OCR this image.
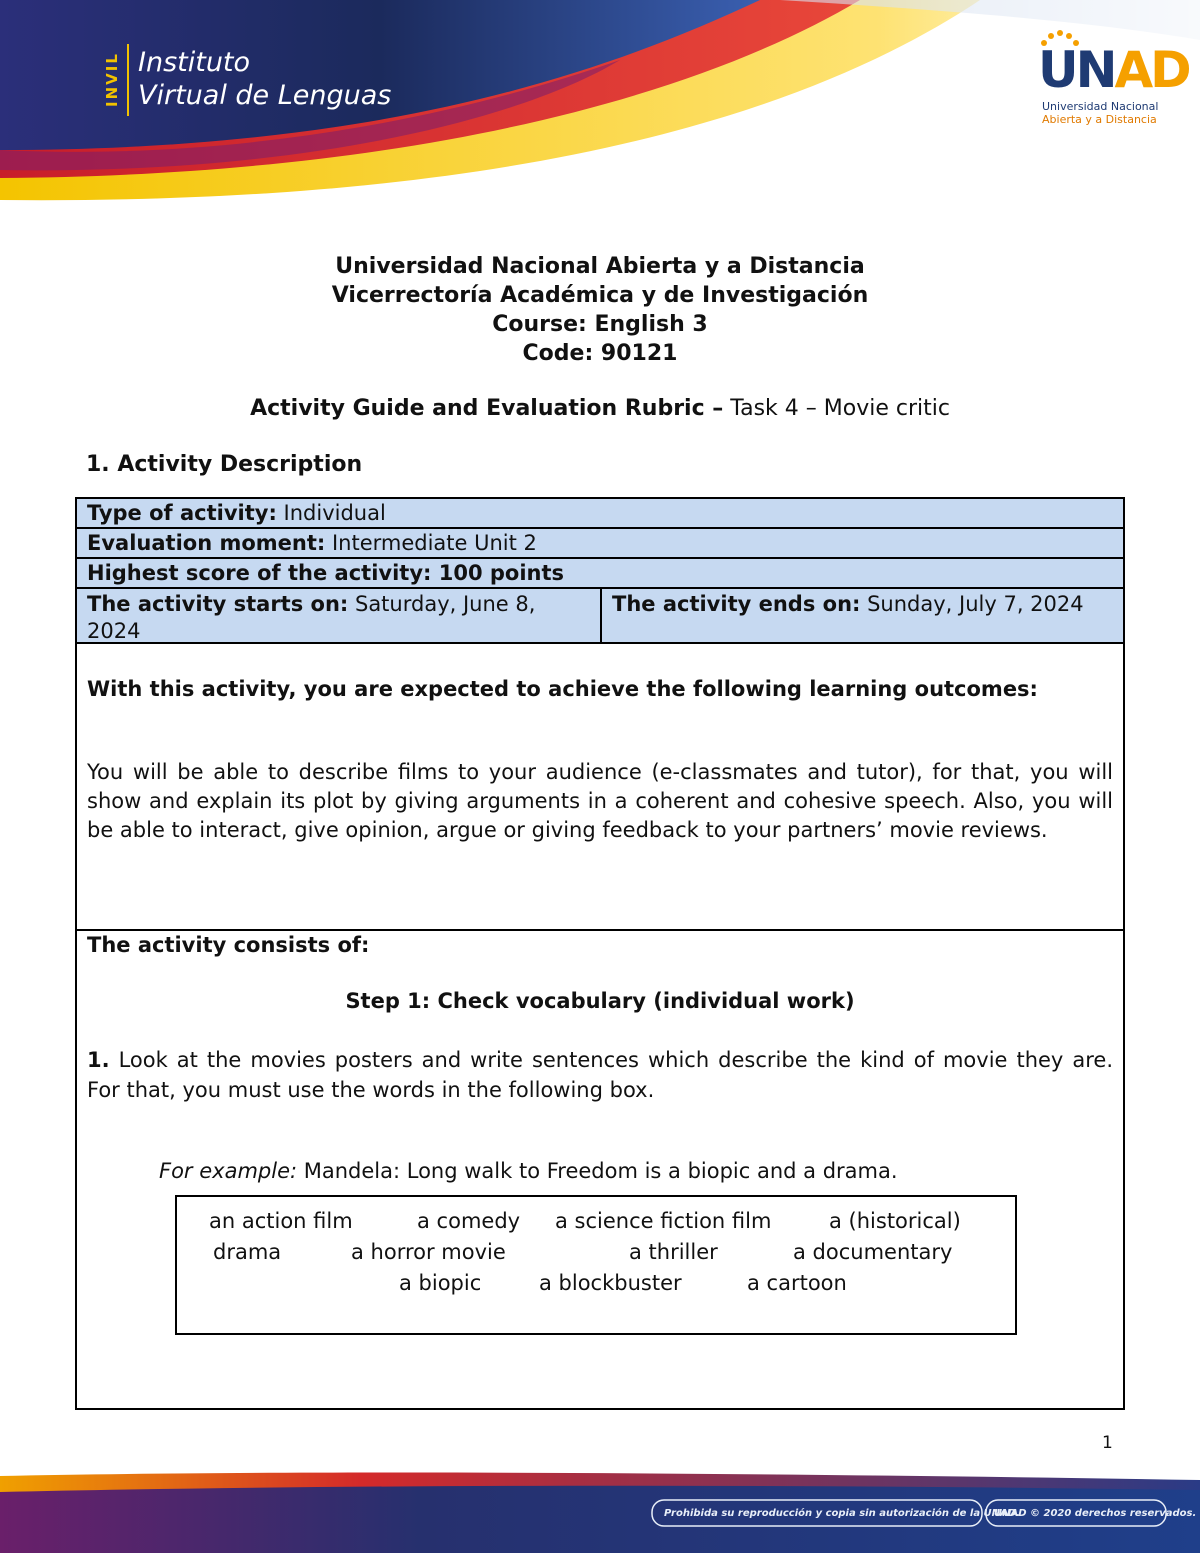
INVIL Instituto
Virtual de Lenguas	UNAD
Universidad Nacional
Abierta y a Distancia
Universidad Nacional Abierta y a Distancia
Vicerrectoría Académica y de Investigación
Course: English 3
Code: 90121
Activity Guide and Evaluation Rubric – Task 4 – Movie critic
1. Activity Description
Type of activity: Individual
Evaluation moment: Intermediate Unit 2
Highest score of the activity: 100 points
The activity starts on: Saturday, June 8, 2024
The activity ends on: Sunday, July 7, 2024
With this activity, you are expected to achieve the following learning outcomes:
You will be able to describe films to your audience (e-classmates and tutor), for that, you will show and explain its plot by giving arguments in a coherent and cohesive speech. Also, you will be able to interact, give opinion, argue or giving feedback to your partners’ movie reviews.
The activity consists of:
Step 1: Check vocabulary (individual work)
1. Look at the movies posters and write sentences which describe the kind of movie they are. For that, you must use the words in the following box.
For example: Mandela: Long walk to Freedom is a biopic and a drama.
an action film	a comedy a science fiction film	a (historical)
drama	a horror movie	a thriller	a documentary
a biopic	a blockbuster	a cartoon
1
Prohibida su reproducción y copia sin autorización de la UNAD.
UNAD © 2020 derechos reservados.
